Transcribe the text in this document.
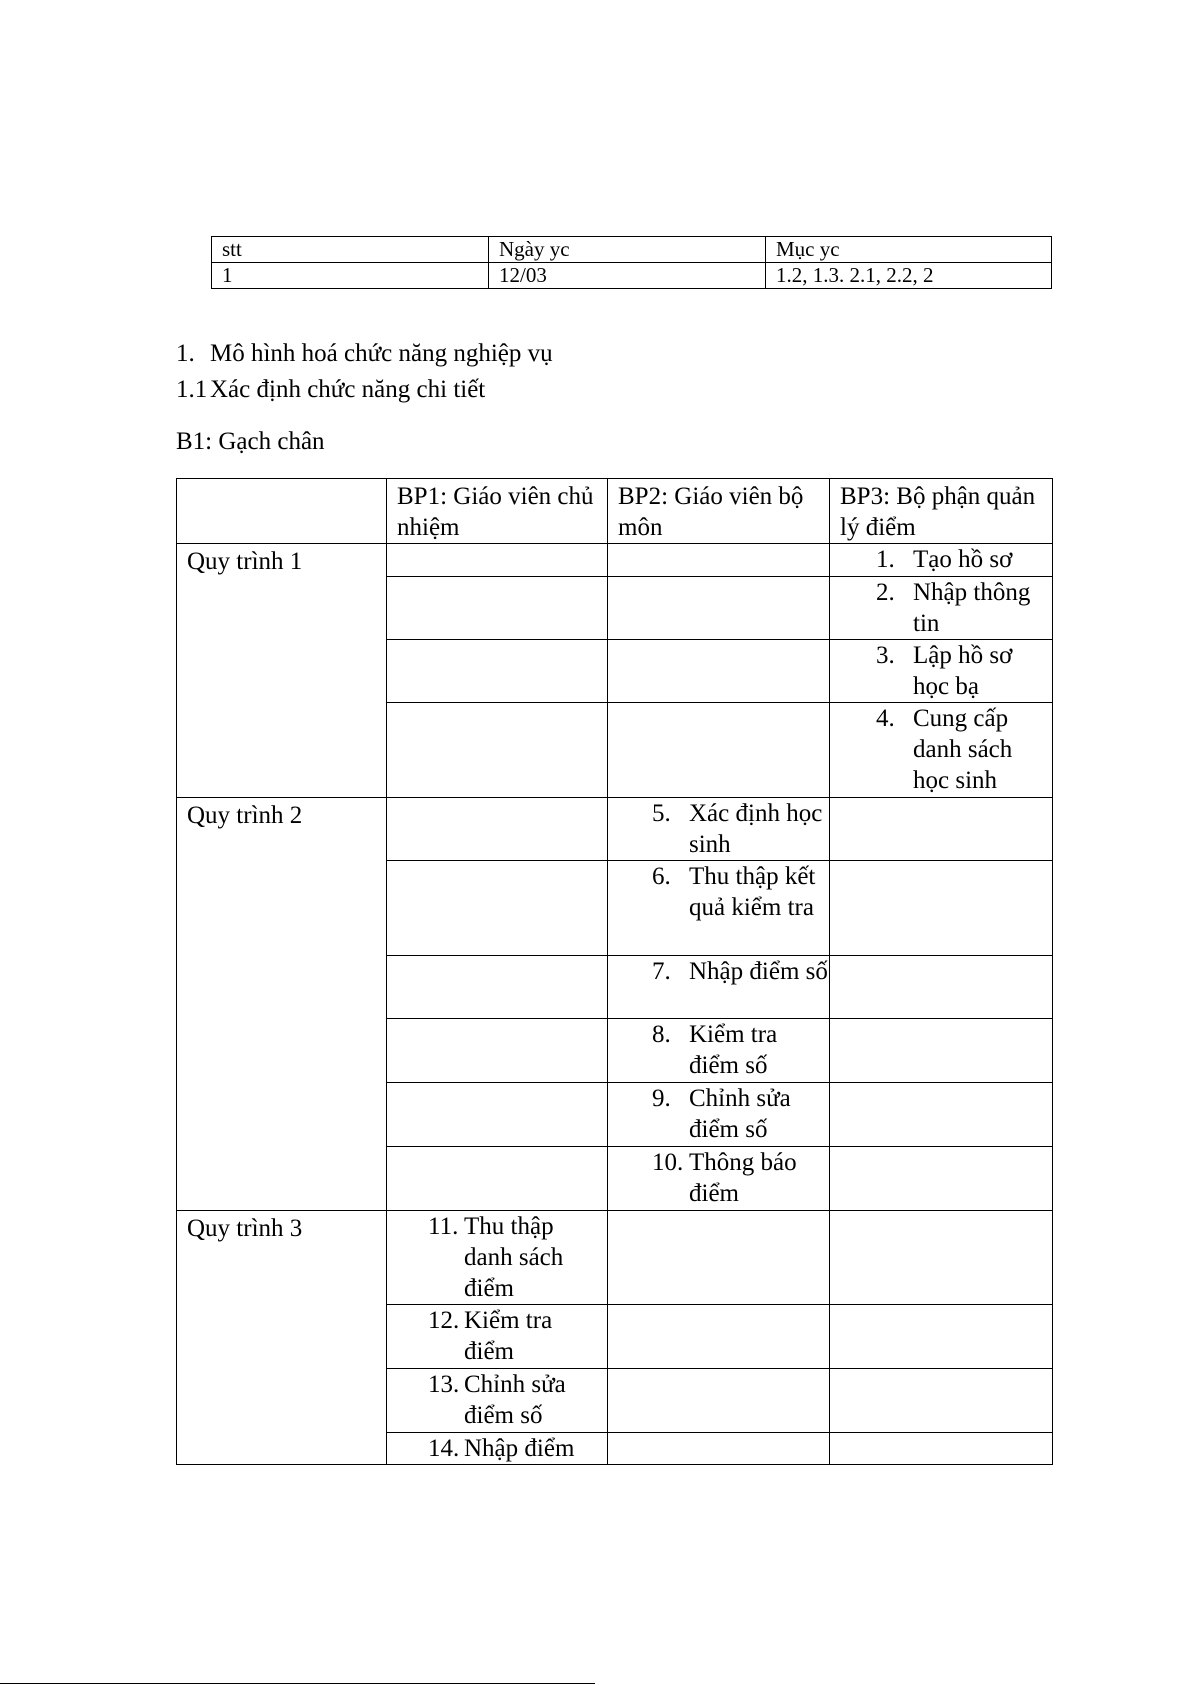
stt	Ngày yc	Mục yc
1	12/03	1.2, 1.3. 2.1, 2.2, 2
1. Mô hình hoá chức năng nghiệp vụ
1.1 Xác định chức năng chi tiết
B1: Gạch chân
	BP1: Giáo viên chủ nhiệm	BP2: Giáo viên bộ môn	BP3: Bộ phận quản lý điểm
Quy trình 1			1. Tạo hồ sơ

			2. Nhập thông tin

			3. Lập hồ sơ học bạ

			4. Cung cấp danh sách học sinh

Quy trình 2		5. Xác định học sinh	

		6. Thu thập kết quả kiểm tra	

		7. Nhập điểm số	

		8. Kiểm tra điểm số	

		9. Chỉnh sửa điểm số	

		10. Thông báo điểm	

Quy trình 3	11. Thu thập danh sách điểm		

	12. Kiểm tra điểm		

	13. Chỉnh sửa điểm số		

	14. Nhập điểm		
